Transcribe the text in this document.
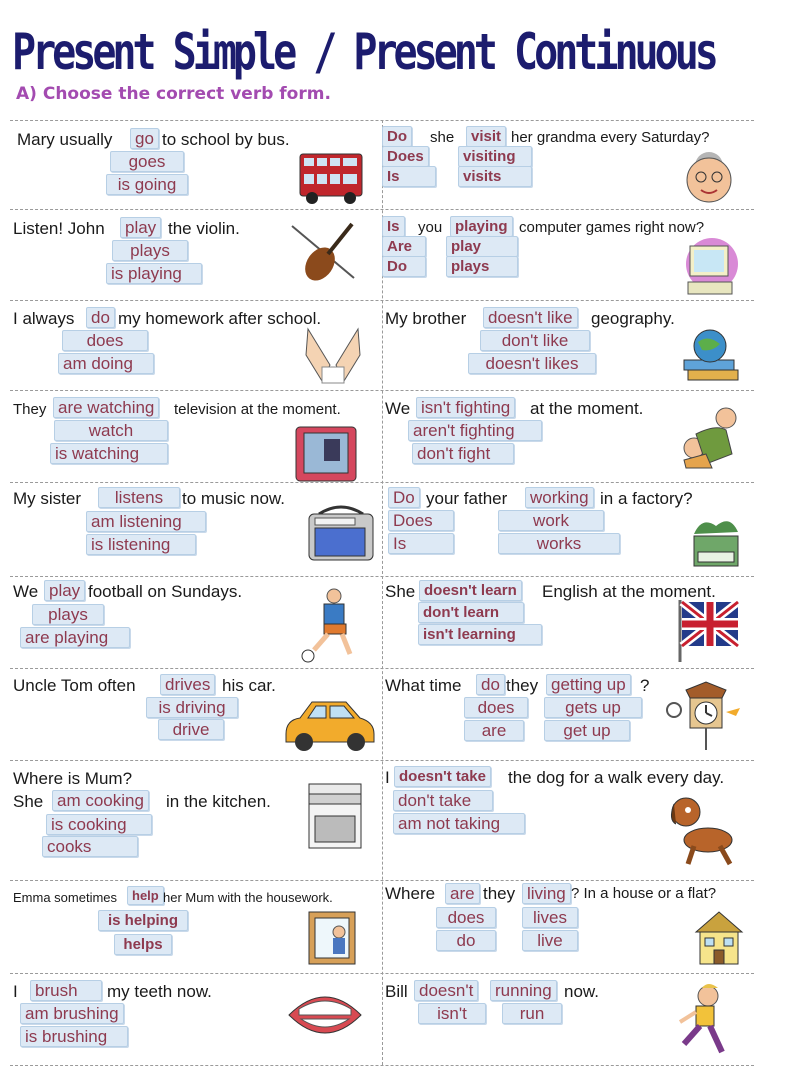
Present Simple / Present Continuous
A) Choose the correct verb form.
Mary usually go to school by bus.
goes
is going
Do	she	visit her grandma every Saturday?
Does	visiting
Is	visits
Listen! John play the violin.
plays
is playing
Is	you playing computer games right now?
Are	play
Do	plays
I always do my homework after school.
does
am doing
My brother doesn't like geography.
don't like
doesn't likes
They are watching	television at the moment.
watch
is watching
We isn't fighting at the moment.
aren't fighting
don't fight
My sister	listens	to music now.
am listening
is listening
Do your father working in a factory?
Does	work
Is	works
We play football on Sundays.
plays
are playing
She doesn't learn English at the moment.
don't learn
isn't learning
Uncle Tom often drives his car.
is driving
drive
What time do they getting up ?
does	gets up
are	get up
Where is Mum?
She am cooking in the kitchen.
is cooking
cooks
I doesn't take the dog for a walk every day.
don't take
am not taking
Emma sometimes	help her Mum with the housework.
is helping
helps
Where are they living ? In a house or a flat?
does	lives
do	live
I brush	my teeth now.
am brushing
is brushing
Bill doesn't running now.
isn't	run
